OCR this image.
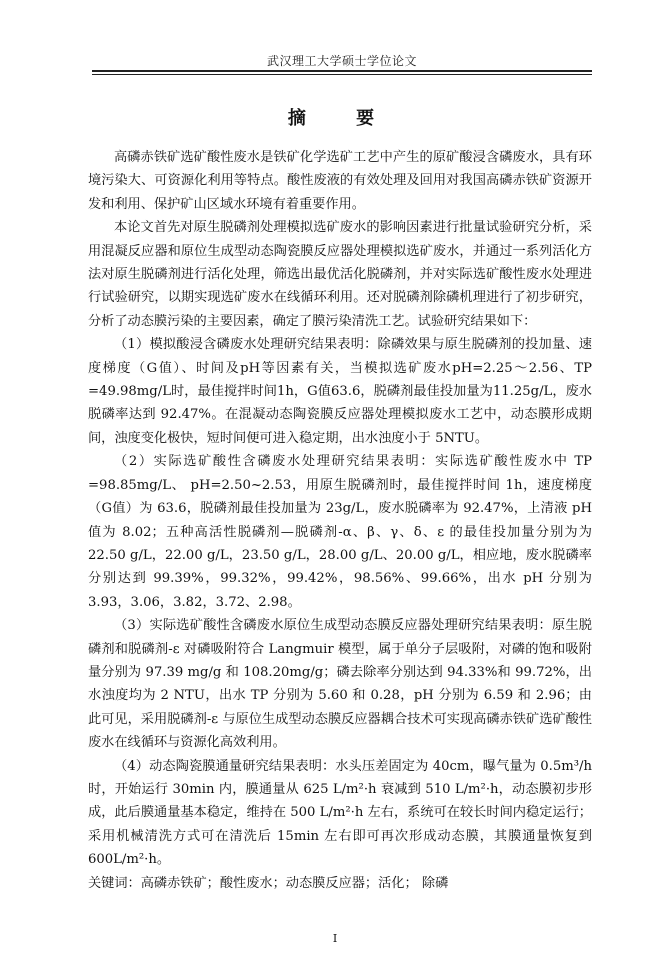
武汉理工大学硕士学位论文
摘 要

高磷赤铁矿选矿酸性废水是铁矿化学选矿工艺中产生的原矿酸浸含磷废水，具有环境污染大、可资源化利用等特点。酸性废液的有效处理及回用对我国高磷赤铁矿资源开发和利用、保护矿山区域水环境有着重要作用。

本论文首先对原生脱磷剂处理模拟选矿废水的影响因素进行批量试验研究分析，采用混凝反应器和原位生成型动态陶瓷膜反应器处理模拟选矿废水，并通过一系列活化方法对原生脱磷剂进行活化处理，筛选出最优活化脱磷剂，并对实际选矿酸性废水处理进行试验研究，以期实现选矿废水在线循环利用。还对脱磷剂除磷机理进行了初步研究，分析了动态膜污染的主要因素，确定了膜污染清洗工艺。试验研究结果如下：

（1）模拟酸浸含磷废水处理研究结果表明：除磷效果与原生脱磷剂的投加量、速度梯度（G值）、时间及pH等因素有关，当模拟选矿废水pH=2.25～2.56、TP =49.98mg/L时，最佳搅拌时间1h，G值63.6，脱磷剂最佳投加量为11.25g/L，废水脱磷率达到 92.47%。在混凝动态陶瓷膜反应器处理模拟废水工艺中，动态膜形成期间，浊度变化极快，短时间便可进入稳定期，出水浊度小于 5NTU。

（2）实际选矿酸性含磷废水处理研究结果表明：实际选矿酸性废水中 TP =98.85mg/L、 pH=2.50~2.53，用原生脱磷剂时，最佳搅拌时间 1h，速度梯度（G值）为 63.6，脱磷剂最佳投加量为 23g/L，废水脱磷率为 92.47%，上清液 pH 值为 8.02；五种高活性脱磷剂—脱磷剂-α、β、γ、δ、ε 的最佳投加量分别为为 22.50 g/L，22.00 g/L，23.50 g/L，28.00 g/L、20.00 g/L，相应地，废水脱磷率分别达到 99.39%，99.32%，99.42%，98.56%、99.66%，出水 pH 分别为 3.93，3.06，3.82，3.72、2.98。

（3）实际选矿酸性含磷废水原位生成型动态膜反应器处理研究结果表明：原生脱磷剂和脱磷剂-ε 对磷吸附符合 Langmuir 模型，属于单分子层吸附，对磷的饱和吸附量分别为 97.39 mg/g 和 108.20mg/g；磷去除率分别达到 94.33%和 99.72%，出水浊度均为 2 NTU，出水 TP 分别为 5.60 和 0.28，pH 分别为 6.59 和 2.96；由此可见，采用脱磷剂-ε 与原位生成型动态膜反应器耦合技术可实现高磷赤铁矿选矿酸性废水在线循环与资源化高效利用。

（4）动态陶瓷膜通量研究结果表明：水头压差固定为 40cm，曝气量为 0.5m³/h 时，开始运行 30min 内，膜通量从 625 L/m²·h 衰减到 510 L/m²·h，动态膜初步形成，此后膜通量基本稳定，维持在 500 L/m²·h 左右，系统可在较长时间内稳定运行；采用机械清洗方式可在清洗后 15min 左右即可再次形成动态膜，其膜通量恢复到 600L/m²·h。

关键词：高磷赤铁矿；酸性废水；动态膜反应器；活化； 除磷

I
